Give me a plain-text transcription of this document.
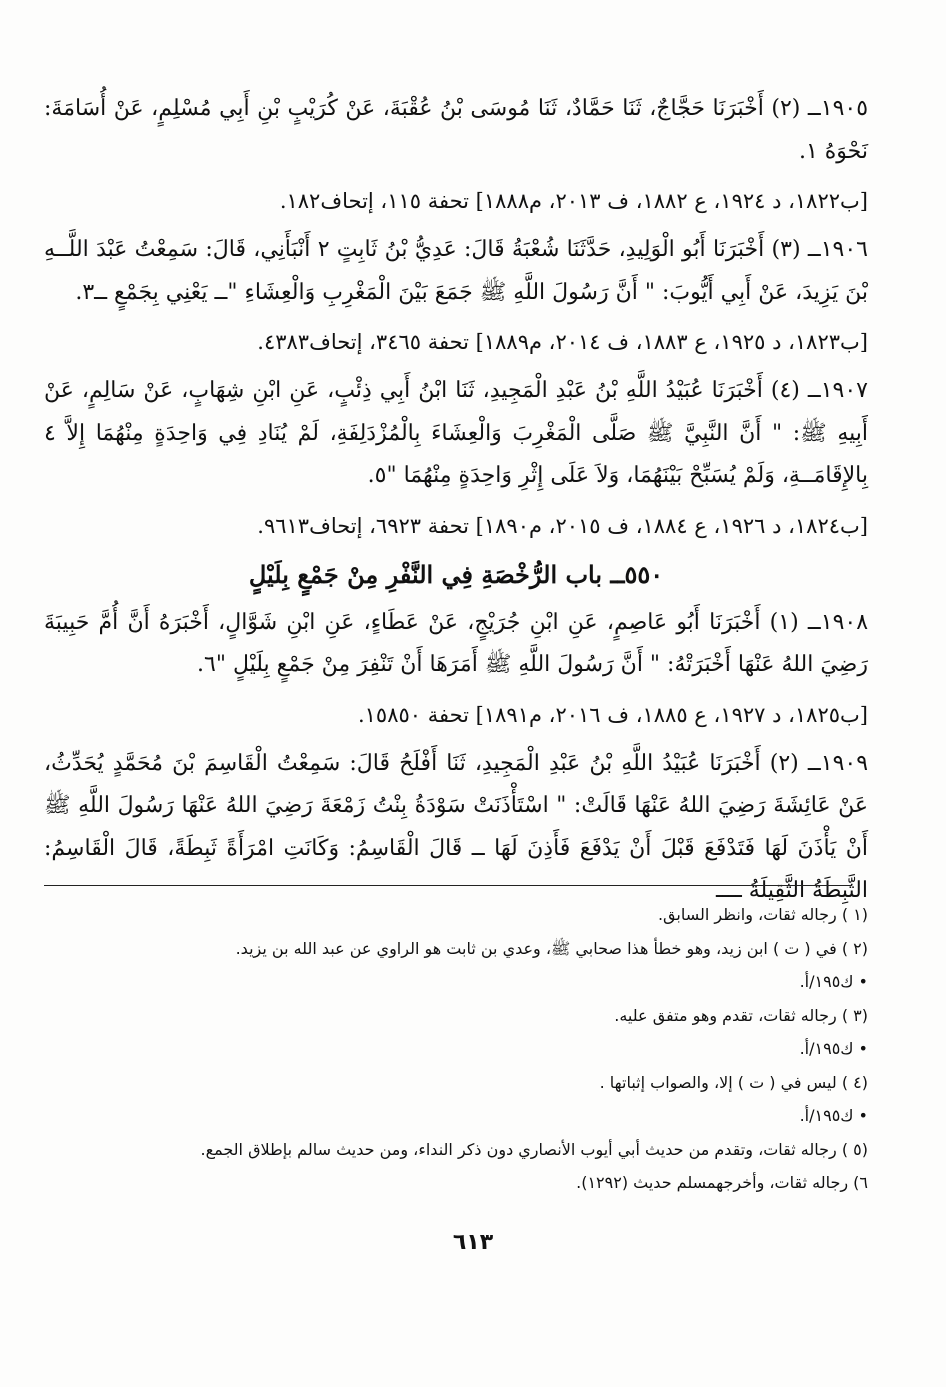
١٩٠٥ــ (٢) أَخْبَرَنَا حَجَّاجٌ، ثَنَا حَمَّادٌ، ثَنَا مُوسَى بْنُ عُقْبَةَ، عَنْ كُرَيْبٍ بْنِ أَبِي مُسْلِمٍ، عَنْ أُسَامَةَ: نَحْوَهُ ١.

[ب١٨٢٢، د ١٩٢٤، ع ١٨٨٢، ف ٢٠١٣، م١٨٨٨] تحفة ١١٥، إتحاف١٨٢.

١٩٠٦ــ (٣) أَخْبَرَنَا أَبُو الْوَلِيدِ، حَدَّثَنَا شُعْبَةُ قَالَ: عَدِيُّ بْنُ ثَابِتٍ ٢ أَنْبَأَنِي، قَالَ: سَمِعْتُ عَبْدَ اللَّــهِ بْنَ يَزِيدَ، عَنْ أَبِي أَيُّوبَ: " أَنَّ رَسُولَ اللَّهِ ﷺ جَمَعَ بَيْنَ الْمَغْرِبِ وَالْعِشَاءِ "ــ يَعْنِي بِجَمْعٍ ــ٣.

[ب١٨٢٣، د ١٩٢٥، ع ١٨٨٣، ف ٢٠١٤، م١٨٨٩] تحفة ٣٤٦٥، إتحاف٤٣٨٣.

١٩٠٧ــ (٤) أَخْبَرَنَا عُبَيْدُ اللَّهِ بْنُ عَبْدِ الْمَجِيدِ، ثَنَا ابْنُ أَبِي ذِئْبٍ، عَنِ ابْنِ شِهَابٍ، عَنْ سَالِمٍ، عَنْ أَبِيهِ ﷺ: " أَنَّ النَّبِيَّ ﷺ صَلَّى الْمَغْرِبَ وَالْعِشَاءَ بِالْمُزْدَلِفَةِ، لَمْ يُنَادِ فِي وَاحِدَةٍ مِنْهُمَا إِلاَّ ٤ بِالإِقَامَــةِ، وَلَمْ يُسَبِّحْ بَيْنَهُمَا، وَلاَ عَلَى إِثْرِ وَاحِدَةٍ مِنْهُمَا "٥.

[ب١٨٢٤، د ١٩٢٦، ع ١٨٨٤، ف ٢٠١٥، م١٨٩٠] تحفة ٦٩٢٣، إتحاف٩٦١٣.

٥٥٠ــ باب الرُّخْصَةِ فِي النَّفْرِ مِنْ جَمْعٍ بِلَيْلٍ

١٩٠٨ــ (١) أَخْبَرَنَا أَبُو عَاصِمٍ، عَنِ ابْنِ جُرَيْجٍ، عَنْ عَطَاءٍ، عَنِ ابْنِ شَوَّالٍ، أَخْبَرَهُ أَنَّ أُمَّ حَبِيبَةَ رَضِيَ اللهُ عَنْهَا أَخْبَرَتْهُ: " أَنَّ رَسُولَ اللَّهِ ﷺ أَمَرَهَا أَنْ تَنْفِرَ مِنْ جَمْعٍ بِلَيْلٍ "٦.

[ب١٨٢٥، د ١٩٢٧، ع ١٨٨٥، ف ٢٠١٦، م١٨٩١] تحفة ١٥٨٥٠.

١٩٠٩ــ (٢) أَخْبَرَنَا عُبَيْدُ اللَّهِ بْنُ عَبْدِ الْمَجِيدِ، ثَنَا أَفْلَحُ قَالَ: سَمِعْتُ الْقَاسِمَ بْنَ مُحَمَّدٍ يُحَدِّثُ، عَنْ عَائِشَةَ رَضِيَ اللهُ عَنْهَا قَالَتْ: " اسْتَأْذَنَتْ سَوْدَةُ بِنْتُ زَمْعَةَ رَضِيَ اللهُ عَنْهَا رَسُولَ اللَّهِ ﷺ أَنْ يَأْذَنَ لَهَا فَتَدْفَعَ قَبْلَ أَنْ يَدْفَعَ فَأَذِنَ لَهَا ــ قَالَ الْقَاسِمُ: وَكَانَتِ امْرَأَةً ثَبِطَةً، قَالَ الْقَاسِمُ: الثَّبِطَةُ الثَّقِيلَةُ ــــ

(١ ) رجاله ثقات، وانظر السابق.

(٢ ) في ( ت ) ابن زيد، وهو خطأ هذا صحابي ﷺ، وعدي بن ثابت هو الراوي عن عبد الله بن يزيد.

• ك١٩٥/أ.

(٣ ) رجاله ثقات، تقدم وهو متفق عليه.

• ك١٩٥/أ.

(٤ ) ليس في ( ت ) إلا، والصواب إثباتها .

• ك١٩٥/أ.

(٥ ) رجاله ثقات، وتقدم من حديث أبي أيوب الأنصاري دون ذكر النداء، ومن حديث سالم بإطلاق الجمع.

٦) رجاله ثقات، وأخرجهمسلم حديث (١٢٩٢).

٦١٣
